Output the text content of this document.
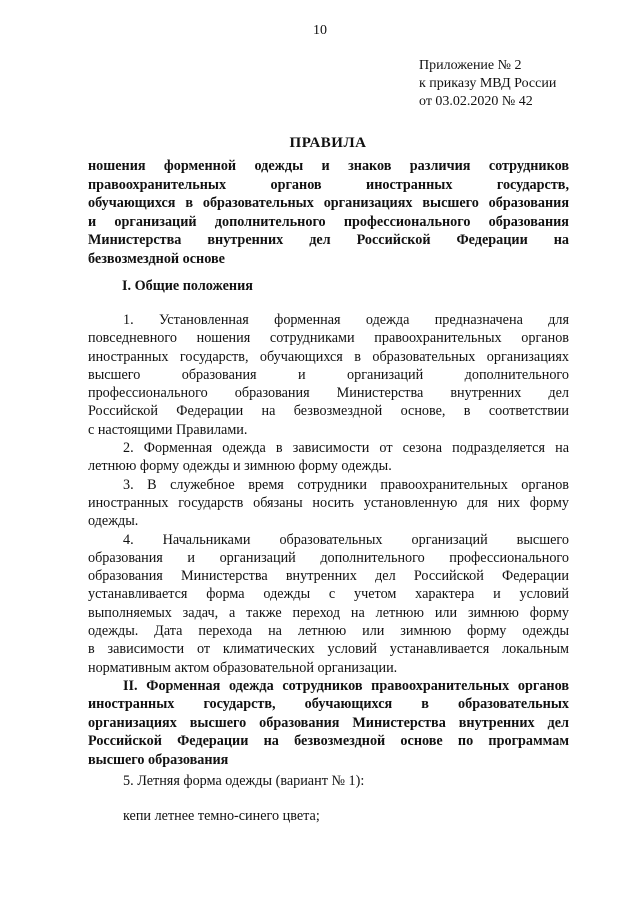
10
Приложение № 2
к приказу МВД России
от 03.02.2020 № 42
ПРАВИЛА
ношения форменной одежды и знаков различия сотрудников
правоохранительных органов иностранных государств,
обучающихся в образовательных организациях высшего образования
и организаций дополнительного профессионального образования
Министерства внутренних дел Российской Федерации на
безвозмездной основе
I. Общие положения
1. Установленная форменная одежда предназначена для
повседневного ношения сотрудниками правоохранительных органов
иностранных государств, обучающихся в образовательных организациях
высшего образования и организаций дополнительного
профессионального образования Министерства внутренних дел
Российской Федерации на безвозмездной основе, в соответствии
с настоящими Правилами.
2. Форменная одежда в зависимости от сезона подразделяется на
летнюю форму одежды и зимнюю форму одежды.
3. В служебное время сотрудники правоохранительных органов
иностранных государств обязаны носить установленную для них форму
одежды.
4. Начальниками образовательных организаций высшего
образования и организаций дополнительного профессионального
образования Министерства внутренних дел Российской Федерации
устанавливается форма одежды с учетом характера и условий
выполняемых задач, а также переход на летнюю или зимнюю форму
одежды. Дата перехода на летнюю или зимнюю форму одежды
в зависимости от климатических условий устанавливается локальным
нормативным актом образовательной организации.
II. Форменная одежда сотрудников правоохранительных органов
иностранных государств, обучающихся в образовательных
организациях высшего образования Министерства внутренних дел
Российской Федерации на безвозмездной основе по программам
высшего образования
5. Летняя форма одежды (вариант № 1):
кепи летнее темно-синего цвета;
